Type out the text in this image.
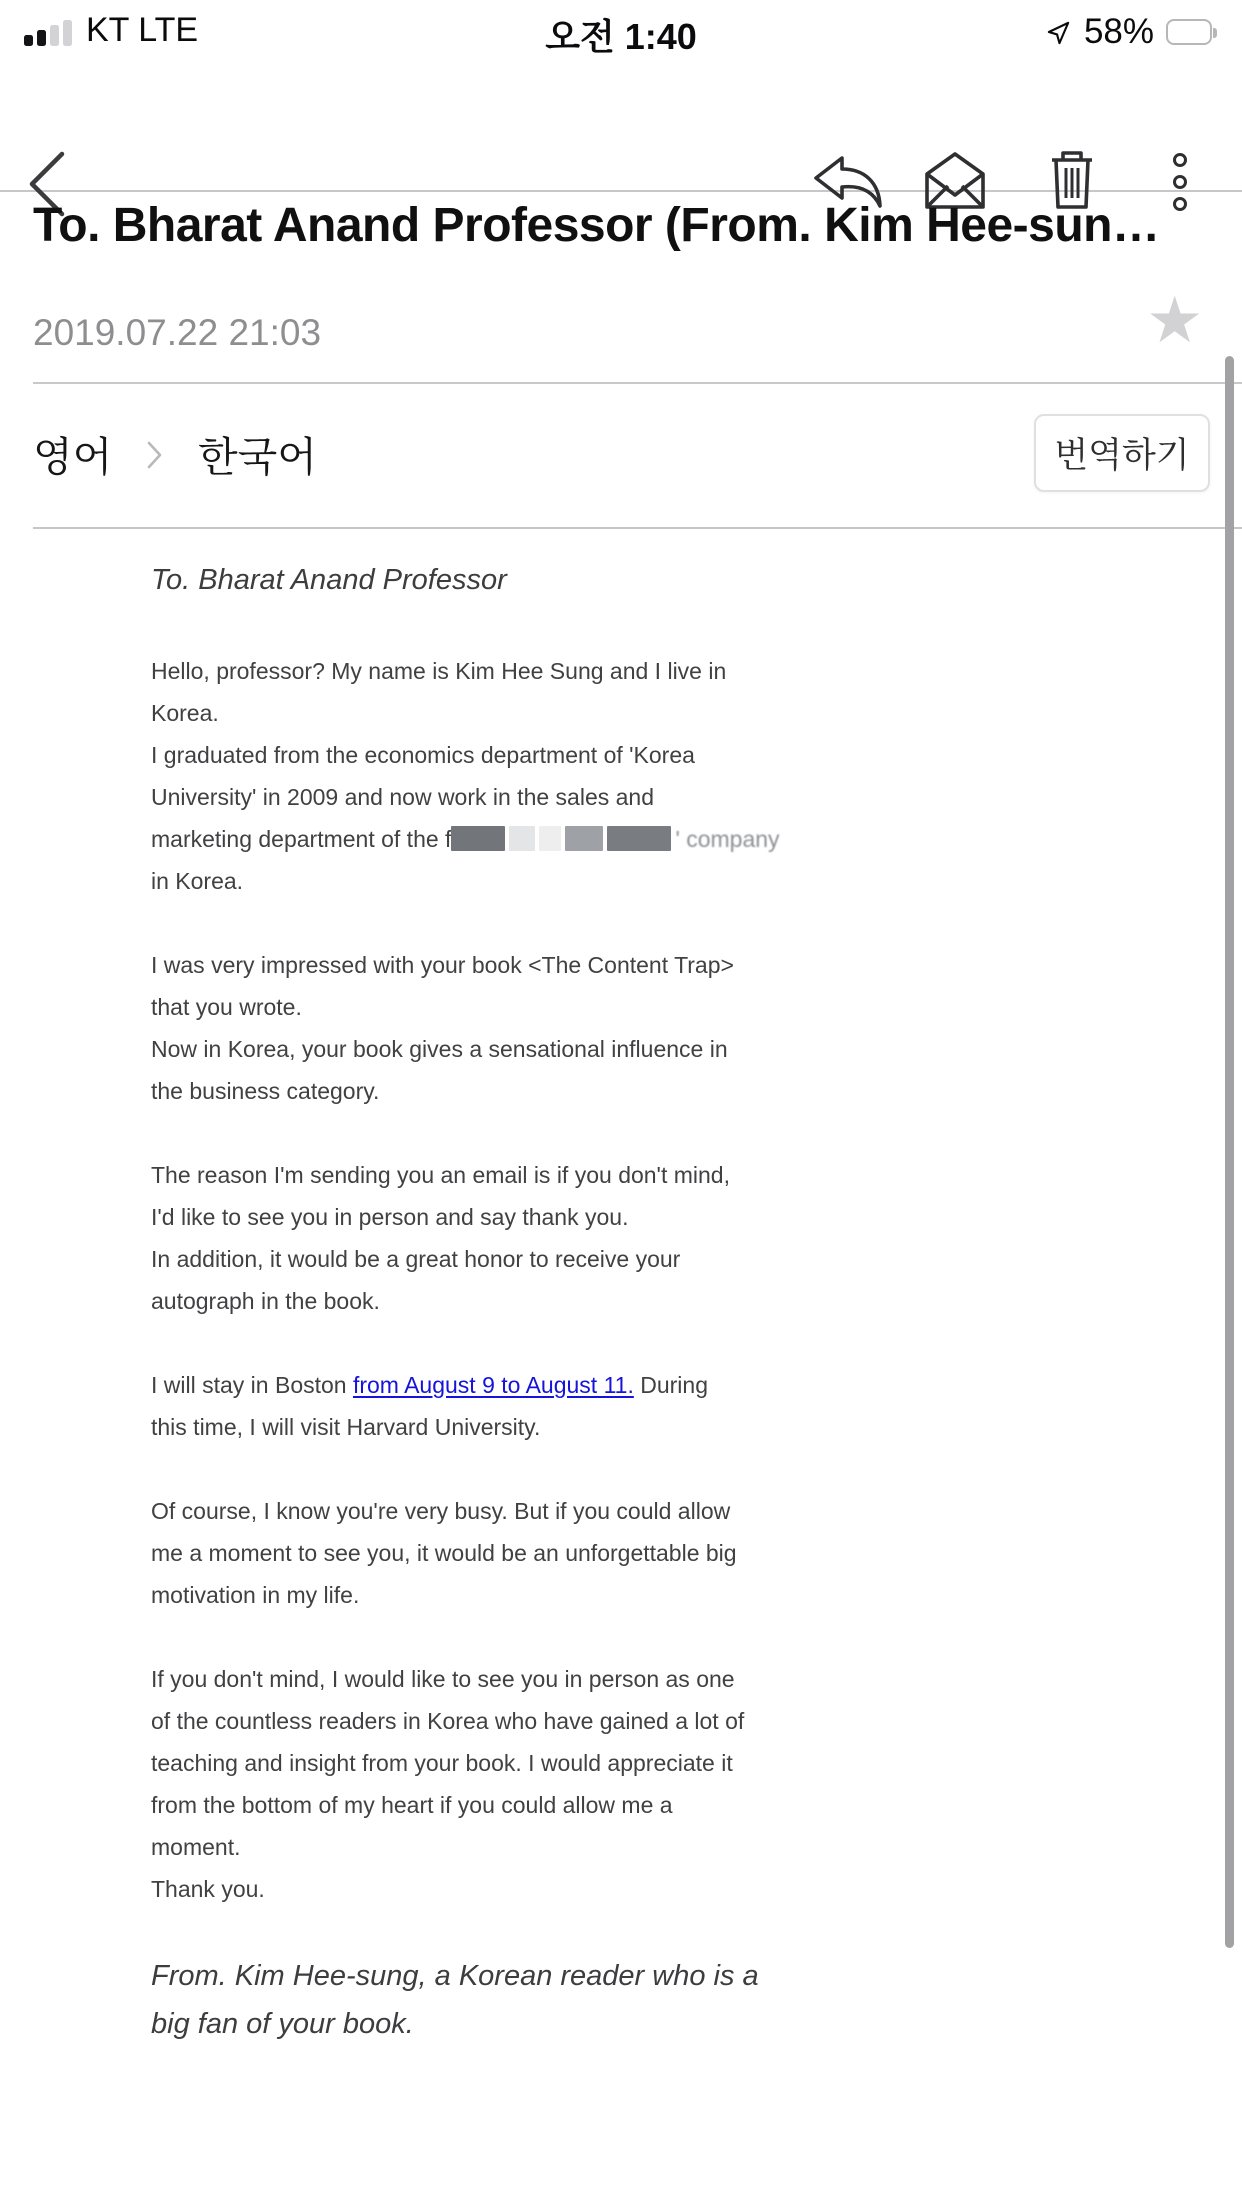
KT LTE	오전 1:40	58%
To. Bharat Anand Professor (From. Kim Hee-sun…
2019.07.22 21:03	★
영어 한국어	번역하기
To. Bharat Anand Professor
Hello, professor? My name is Kim Hee Sung and I live in
Korea.
I graduated from the economics department of 'Korea
University' in 2009 and now work in the sales and
marketing department of the f	' company
in Korea.
I was very impressed with your book <The Content Trap>
that you wrote.
Now in Korea, your book gives a sensational influence in
the business category.
The reason I'm sending you an email is if you don't mind,
I'd like to see you in person and say thank you.
In addition, it would be a great honor to receive your
autograph in the book.
I will stay in Boston from August 9 to August 11. During
this time, I will visit Harvard University.
Of course, I know you're very busy. But if you could allow
me a moment to see you, it would be an unforgettable big
motivation in my life.
If you don't mind, I would like to see you in person as one
of the countless readers in Korea who have gained a lot of
teaching and insight from your book. I would appreciate it
from the bottom of my heart if you could allow me a
moment.
Thank you.
From. Kim Hee-sung, a Korean reader who is a
big fan of your book.
